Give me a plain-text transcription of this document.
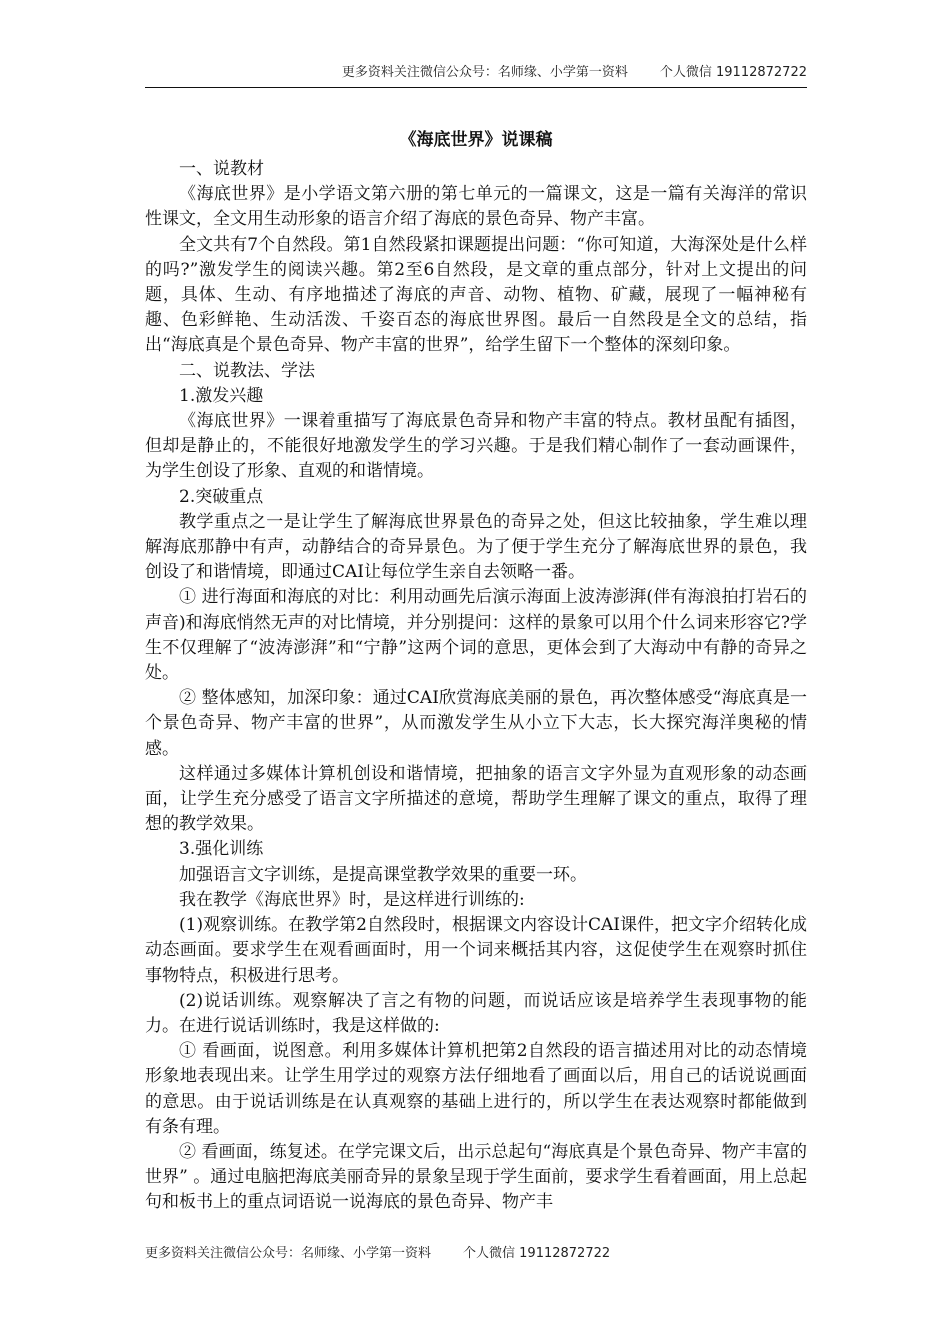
更多资料关注微信公众号：名师缘、小学第一资料 个人微信 19112872722
《海底世界》说课稿

一、说教材

《海底世界》是小学语文第六册的第七单元的一篇课文，这是一篇有关海洋的常识性课文，全文用生动形象的语言介绍了海底的景色奇异、物产丰富。

全文共有7个自然段。第1自然段紧扣课题提出问题：“你可知道，大海深处是什么样的吗?”激发学生的阅读兴趣。第2至6自然段，是文章的重点部分，针对上文提出的问题，具体、生动、有序地描述了海底的声音、动物、植物、矿藏，展现了一幅神秘有趣、色彩鲜艳、生动活泼、千姿百态的海底世界图。最后一自然段是全文的总结，指出“海底真是个景色奇异、物产丰富的世界”，给学生留下一个整体的深刻印象。

二、说教法、学法

1.激发兴趣

《海底世界》一课着重描写了海底景色奇异和物产丰富的特点。教材虽配有插图，但却是静止的，不能很好地激发学生的学习兴趣。于是我们精心制作了一套动画课件，为学生创设了形象、直观的和谐情境。

2.突破重点

教学重点之一是让学生了解海底世界景色的奇异之处，但这比较抽象，学生难以理解海底那静中有声，动静结合的奇异景色。为了便于学生充分了解海底世界的景色，我创设了和谐情境，即通过CAI让每位学生亲自去领略一番。

① 进行海面和海底的对比：利用动画先后演示海面上波涛澎湃(伴有海浪拍打岩石的声音)和海底悄然无声的对比情境，并分别提问：这样的景象可以用个什么词来形容它?学生不仅理解了“波涛澎湃”和“宁静”这两个词的意思，更体会到了大海动中有静的奇异之处。

② 整体感知，加深印象：通过CAI欣赏海底美丽的景色，再次整体感受“海底真是一个景色奇异、物产丰富的世界”，从而激发学生从小立下大志，长大探究海洋奥秘的情感。

这样通过多媒体计算机创设和谐情境，把抽象的语言文字外显为直观形象的动态画面，让学生充分感受了语言文字所描述的意境，帮助学生理解了课文的重点，取得了理想的教学效果。

3.强化训练

加强语言文字训练，是提高课堂教学效果的重要一环。

我在教学《海底世界》时，是这样进行训练的:

(1)观察训练。在教学第2自然段时，根据课文内容设计CAI课件，把文字介绍转化成动态画面。要求学生在观看画面时，用一个词来概括其内容，这促使学生在观察时抓住事物特点，积极进行思考。

(2)说话训练。观察解决了言之有物的问题，而说话应该是培养学生表现事物的能力。在进行说话训练时，我是这样做的:

① 看画面，说图意。利用多媒体计算机把第2自然段的语言描述用对比的动态情境形象地表现出来。让学生用学过的观察方法仔细地看了画面以后，用自己的话说说画面的意思。由于说话训练是在认真观察的基础上进行的，所以学生在表达观察时都能做到有条有理。

② 看画面，练复述。在学完课文后，出示总起句“海底真是个景色奇异、物产丰富的世界” 。通过电脑把海底美丽奇异的景象呈现于学生面前，要求学生看着画面，用上总起句和板书上的重点词语说一说海底的景色奇异、物产丰

更多资料关注微信公众号：名师缘、小学第一资料 个人微信 19112872722
